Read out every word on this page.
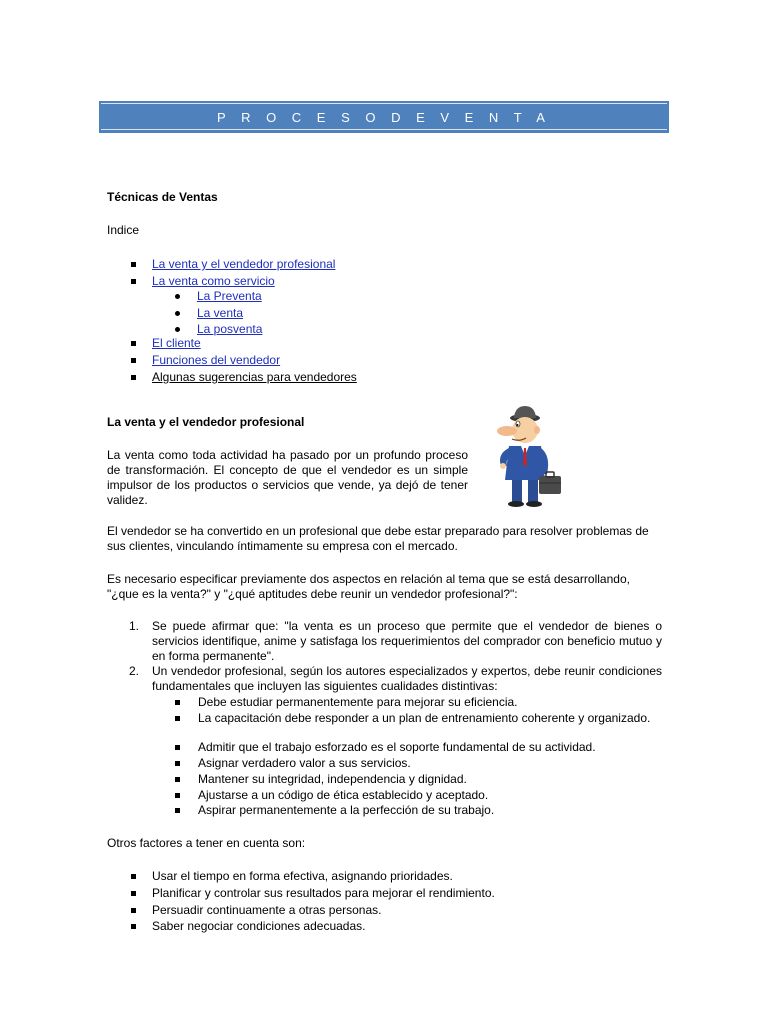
P R O C E S O D E V E N T A
Técnicas de Ventas
Indice
La venta y el vendedor profesional
La venta como servicio
La Preventa
La venta
La posventa
El cliente
Funciones del vendedor
Algunas sugerencias para vendedores
La venta y el vendedor profesional
La venta como toda actividad ha pasado por un profundo proceso de transformación. El concepto de que el vendedor es un simple impulsor de los productos o servicios que vende, ya dejó de tener validez.
El vendedor se ha convertido en un profesional que debe estar preparado para resolver problemas de sus clientes, vinculando íntimamente su empresa con el mercado.
Es necesario especificar previamente dos aspectos en relación al tema que se está desarrollando, "¿que es la venta?" y "¿qué aptitudes debe reunir un vendedor profesional?":
1. Se puede afirmar que: "la venta es un proceso que permite que el vendedor de bienes o servicios identifique, anime y satisfaga los requerimientos del comprador con beneficio mutuo y en forma permanente".
2. Un vendedor profesional, según los autores especializados y expertos, debe reunir condiciones fundamentales que incluyen las siguientes cualidades distintivas:
Debe estudiar permanentemente para mejorar su eficiencia.
La capacitación debe responder a un plan de entrenamiento coherente y organizado.
Admitir que el trabajo esforzado es el soporte fundamental de su actividad.
Asignar verdadero valor a sus servicios.
Mantener su integridad, independencia y dignidad.
Ajustarse a un código de ética establecido y aceptado.
Aspirar permanentemente a la perfección de su trabajo.
Otros factores a tener en cuenta son:
Usar el tiempo en forma efectiva, asignando prioridades.
Planificar y controlar sus resultados para mejorar el rendimiento.
Persuadir continuamente a otras personas.
Saber negociar condiciones adecuadas.
